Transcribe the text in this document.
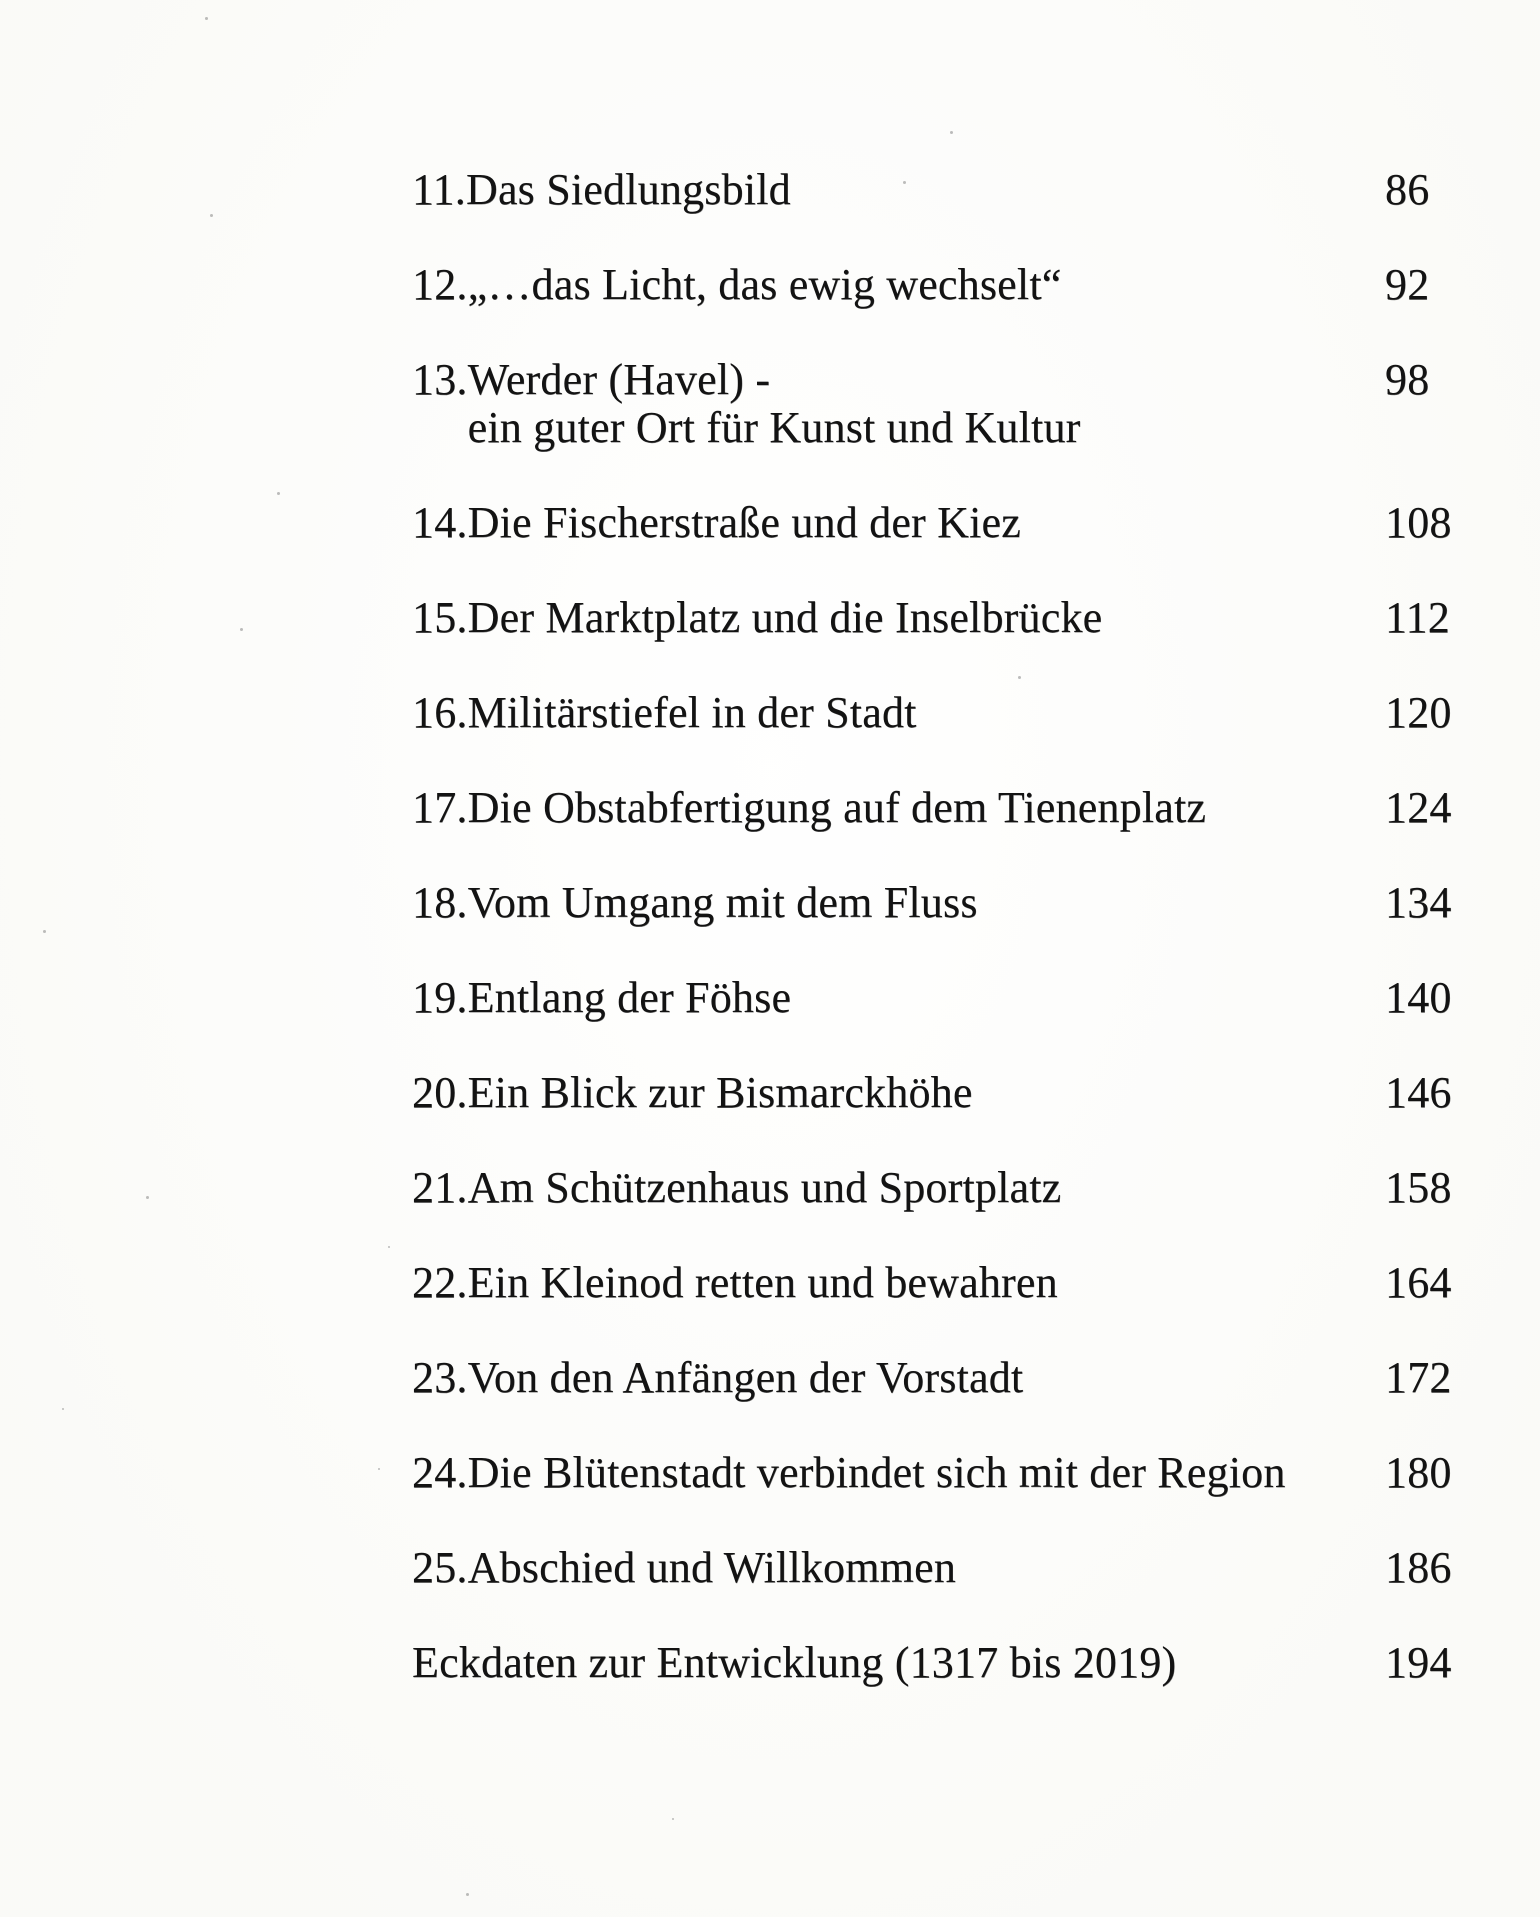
11. Das Siedlungsbild	86
12. „…das Licht, das ewig wechselt“	92
13. Werder (Havel) -
ein guter Ort für Kunst und Kultur
98
14. Die Fischerstraße und der Kiez	108
15. Der Marktplatz und die Inselbrücke	112
16. Militärstiefel in der Stadt	120
17. Die Obstabfertigung auf dem Tienenplatz	124
18. Vom Umgang mit dem Fluss	134
19. Entlang der Föhse	140
20. Ein Blick zur Bismarckhöhe	146
21. Am Schützenhaus und Sportplatz	158
22. Ein Kleinod retten und bewahren	164
23. Von den Anfängen der Vorstadt	172
24. Die Blütenstadt verbindet sich mit der Region	180
25. Abschied und Willkommen	186
Eckdaten zur Entwicklung (1317 bis 2019)	194
